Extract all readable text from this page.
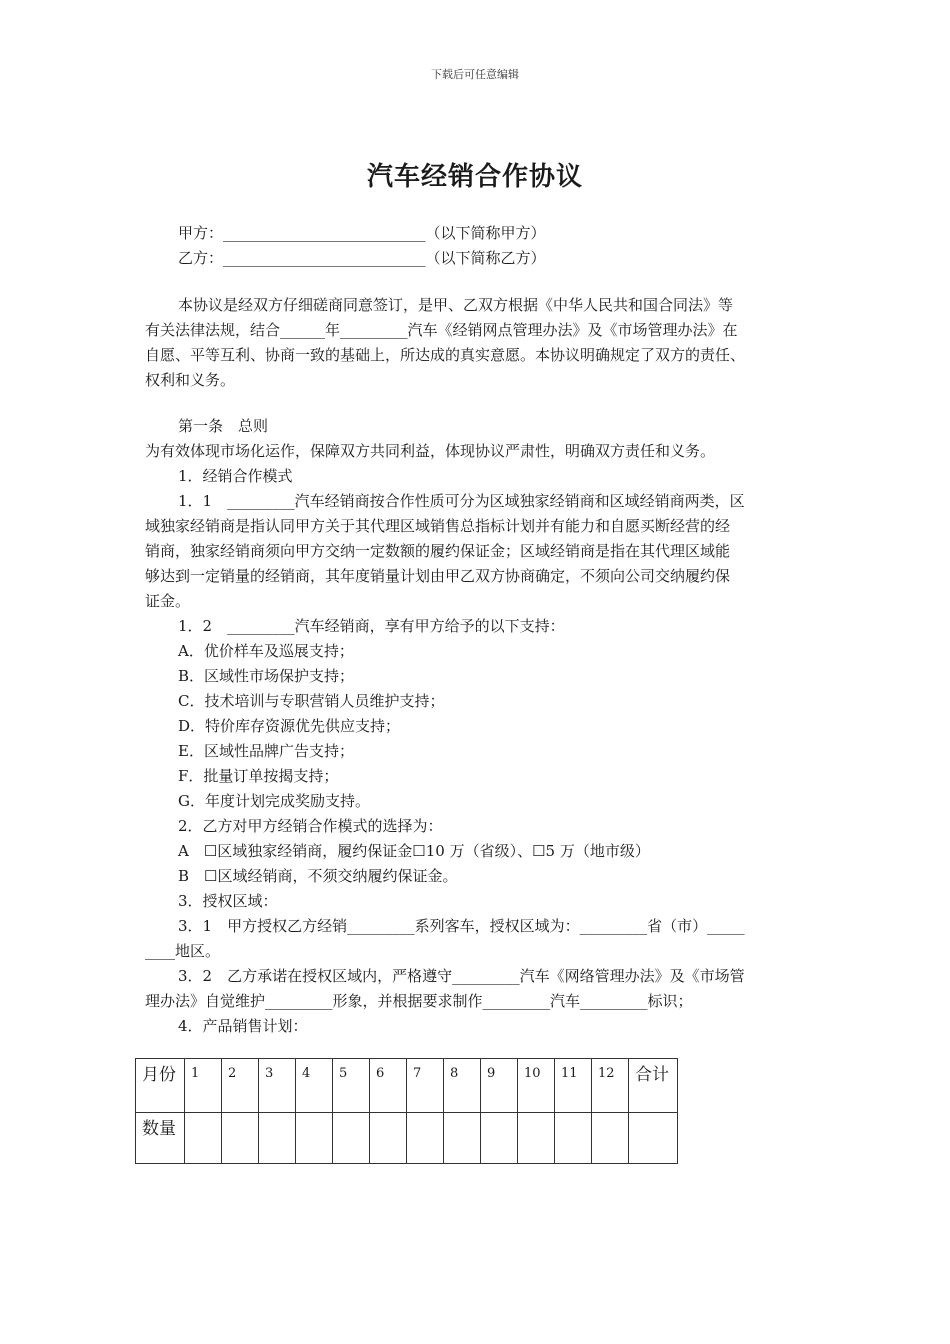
下载后可任意编辑
汽车经销合作协议
甲方：___________________________（以下简称甲方）
乙方：___________________________（以下简称乙方）
本协议是经双方仔细磋商同意签订，是甲、乙双方根据《中华人民共和国合同法》等
有关法律法规，结合______年_________汽车《经销网点管理办法》及《市场管理办法》在
自愿、平等互利、协商一致的基础上，所达成的真实意愿。本协议明确规定了双方的责任、
权利和义务。
第一条　总则
为有效体现市场化运作，保障双方共同利益，体现协议严肃性，明确双方责任和义务。
1．经销合作模式
1．1　_________汽车经销商按合作性质可分为区域独家经销商和区域经销商两类，区
域独家经销商是指认同甲方关于其代理区域销售总指标计划并有能力和自愿买断经营的经
销商，独家经销商须向甲方交纳一定数额的履约保证金；区域经销商是指在其代理区域能
够达到一定销量的经销商，其年度销量计划由甲乙双方协商确定，不须向公司交纳履约保
证金。
1．2　_________汽车经销商，享有甲方给予的以下支持：
A．优价样车及巡展支持；
B．区域性市场保护支持；
C．技术培训与专职营销人员维护支持；
D．特价库存资源优先供应支持；
E．区域性品牌广告支持；
F．批量订单按揭支持；
G．年度计划完成奖励支持。
2．乙方对甲方经销合作模式的选择为：
A　☐区域独家经销商，履约保证金☐10 万（省级）、☐5 万（地市级）
B　☐区域经销商，不须交纳履约保证金。
3．授权区域：
3．1　甲方授权乙方经销_________系列客车，授权区域为：_________省（市）_____
____地区。
3．2　乙方承诺在授权区域内，严格遵守_________汽车《网络管理办法》及《市场管
理办法》自觉维护_________形象，并根据要求制作_________汽车_________标识；
4．产品销售计划：
月份	1	2	3	4	5	6	7	8	9	10	11	12	合计
数量													
